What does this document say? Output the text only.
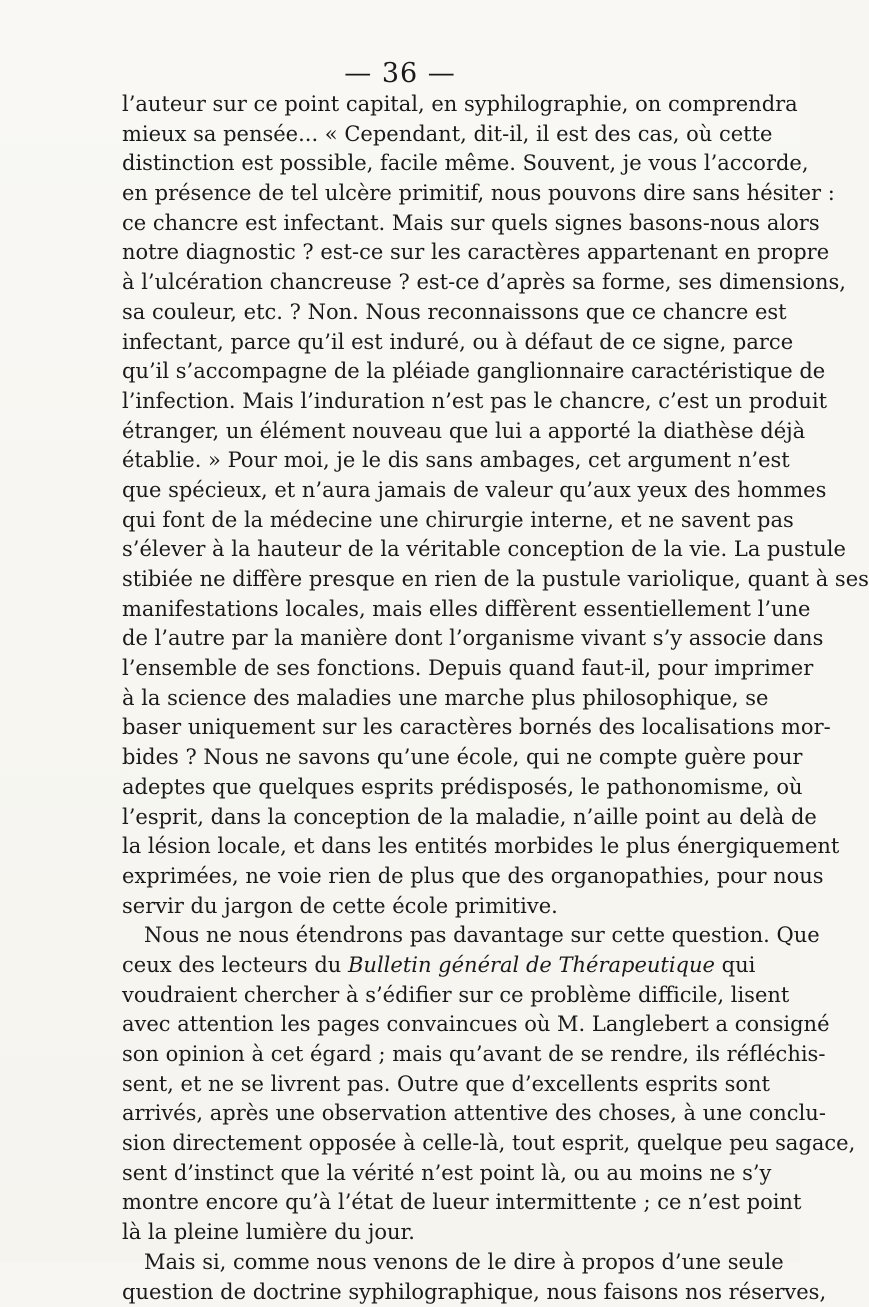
— 36 —
l’auteur sur ce point capital, en syphilographie, on comprendra
mieux sa pensée... « Cependant, dit-il, il est des cas, où cette
distinction est possible, facile même. Souvent, je vous l’accorde,
en présence de tel ulcère primitif, nous pouvons dire sans hésiter :
ce chancre est infectant. Mais sur quels signes basons-nous alors
notre diagnostic ? est-ce sur les caractères appartenant en propre
à l’ulcération chancreuse ? est-ce d’après sa forme, ses dimensions,
sa couleur, etc. ? Non. Nous reconnaissons que ce chancre est
infectant, parce qu’il est induré, ou à défaut de ce signe, parce
qu’il s’accompagne de la pléiade ganglionnaire caractéristique de
l’infection. Mais l’induration n’est pas le chancre, c’est un produit
étranger, un élément nouveau que lui a apporté la diathèse déjà
établie. » Pour moi, je le dis sans ambages, cet argument n’est
que spécieux, et n’aura jamais de valeur qu’aux yeux des hommes
qui font de la médecine une chirurgie interne, et ne savent pas
s’élever à la hauteur de la véritable conception de la vie. La pustule
stibiée ne diffère presque en rien de la pustule variolique, quant à ses
manifestations locales, mais elles diffèrent essentiellement l’une
de l’autre par la manière dont l’organisme vivant s’y associe dans
l’ensemble de ses fonctions. Depuis quand faut-il, pour imprimer
à la science des maladies une marche plus philosophique, se
baser uniquement sur les caractères bornés des localisations mor-
bides ? Nous ne savons qu’une école, qui ne compte guère pour
adeptes que quelques esprits prédisposés, le pathonomisme, où
l’esprit, dans la conception de la maladie, n’aille point au delà de
la lésion locale, et dans les entités morbides le plus énergiquement
exprimées, ne voie rien de plus que des organopathies, pour nous
servir du jargon de cette école primitive.
Nous ne nous étendrons pas davantage sur cette question. Que
ceux des lecteurs du Bulletin général de Thérapeutique qui
voudraient chercher à s’édifier sur ce problème difficile, lisent
avec attention les pages convaincues où M. Langlebert a consigné
son opinion à cet égard ; mais qu’avant de se rendre, ils réfléchis-
sent, et ne se livrent pas. Outre que d’excellents esprits sont
arrivés, après une observation attentive des choses, à une conclu-
sion directement opposée à celle-là, tout esprit, quelque peu sagace,
sent d’instinct que la vérité n’est point là, ou au moins ne s’y
montre encore qu’à l’état de lueur intermittente ; ce n’est point
là la pleine lumière du jour.
Mais si, comme nous venons de le dire à propos d’une seule
question de doctrine syphilographique, nous faisons nos réserves,
